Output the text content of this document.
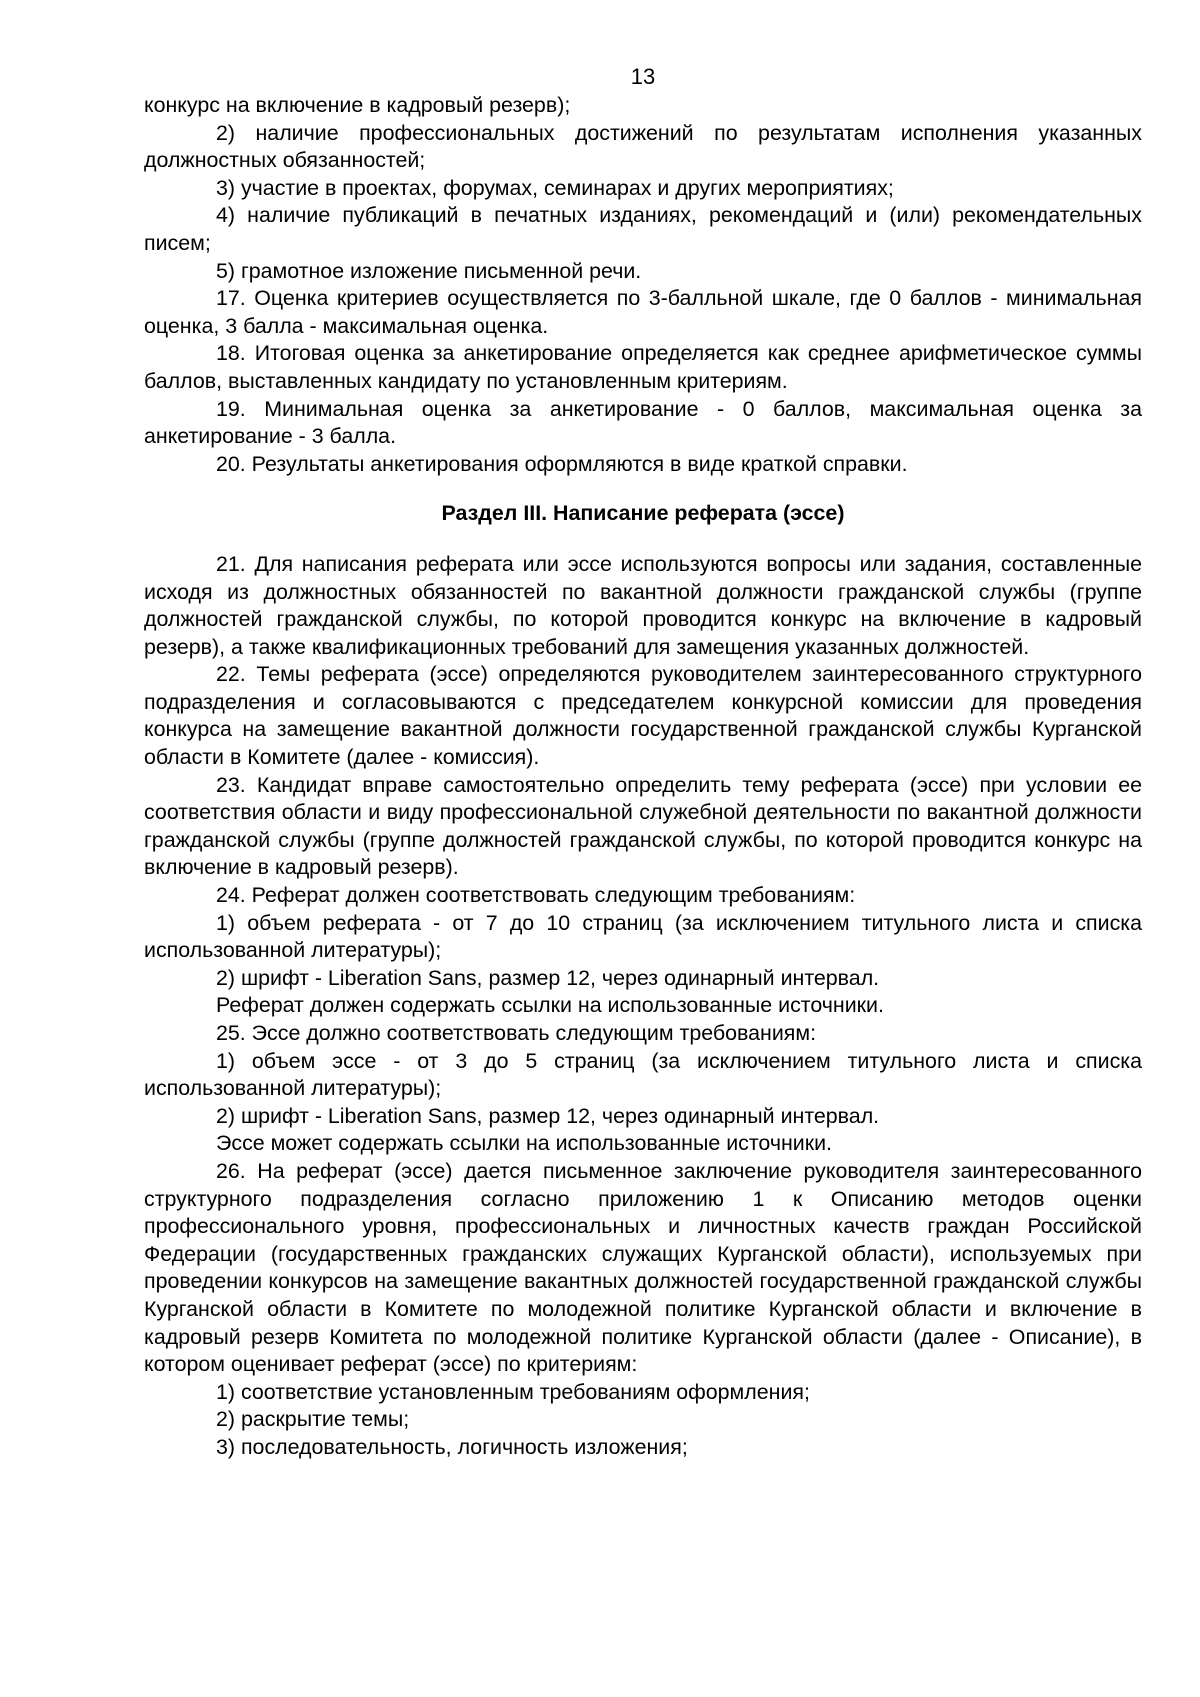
13

конкурс на включение в кадровый резерв);

2) наличие профессиональных достижений по результатам исполнения указанных должностных обязанностей;

3) участие в проектах, форумах, семинарах и других мероприятиях;

4) наличие публикаций в печатных изданиях, рекомендаций и (или) рекомендательных писем;

5) грамотное изложение письменной речи.

17. Оценка критериев осуществляется по 3-балльной шкале, где 0 баллов - минимальная оценка, 3 балла - максимальная оценка.

18. Итоговая оценка за анкетирование определяется как среднее арифметическое суммы баллов, выставленных кандидату по установленным критериям.

19. Минимальная оценка за анкетирование - 0 баллов, максимальная оценка за анкетирование - 3 балла.

20. Результаты анкетирования оформляются в виде краткой справки.

Раздел III. Написание реферата (эссе)

21. Для написания реферата или эссе используются вопросы или задания, составленные исходя из должностных обязанностей по вакантной должности гражданской службы (группе должностей гражданской службы, по которой проводится конкурс на включение в кадровый резерв), а также квалификационных требований для замещения указанных должностей.

22. Темы реферата (эссе) определяются руководителем заинтересованного структурного подразделения и согласовываются с председателем конкурсной комиссии для проведения конкурса на замещение вакантной должности государственной гражданской службы Курганской области в Комитете (далее - комиссия).

23. Кандидат вправе самостоятельно определить тему реферата (эссе) при условии ее соответствия области и виду профессиональной служебной деятельности по вакантной должности гражданской службы (группе должностей гражданской службы, по которой проводится конкурс на включение в кадровый резерв).

24. Реферат должен соответствовать следующим требованиям:

1) объем реферата - от 7 до 10 страниц (за исключением титульного листа и списка использованной литературы);

2) шрифт - Liberation Sans, размер 12, через одинарный интервал.

Реферат должен содержать ссылки на использованные источники.

25. Эссе должно соответствовать следующим требованиям:

1) объем эссе - от 3 до 5 страниц (за исключением титульного листа и списка использованной литературы);

2) шрифт - Liberation Sans, размер 12, через одинарный интервал.

Эссе может содержать ссылки на использованные источники.

26. На реферат (эссе) дается письменное заключение руководителя заинтересованного структурного подразделения согласно приложению 1 к Описанию методов оценки профессионального уровня, профессиональных и личностных качеств граждан Российской Федерации (государственных гражданских служащих Курганской области), используемых при проведении конкурсов на замещение вакантных должностей государственной гражданской службы Курганской области в Комитете по молодежной политике Курганской области и включение в кадровый резерв Комитета по молодежной политике Курганской области (далее - Описание), в котором оценивает реферат (эссе) по критериям:

1) соответствие установленным требованиям оформления;

2) раскрытие темы;

3) последовательность, логичность изложения;
